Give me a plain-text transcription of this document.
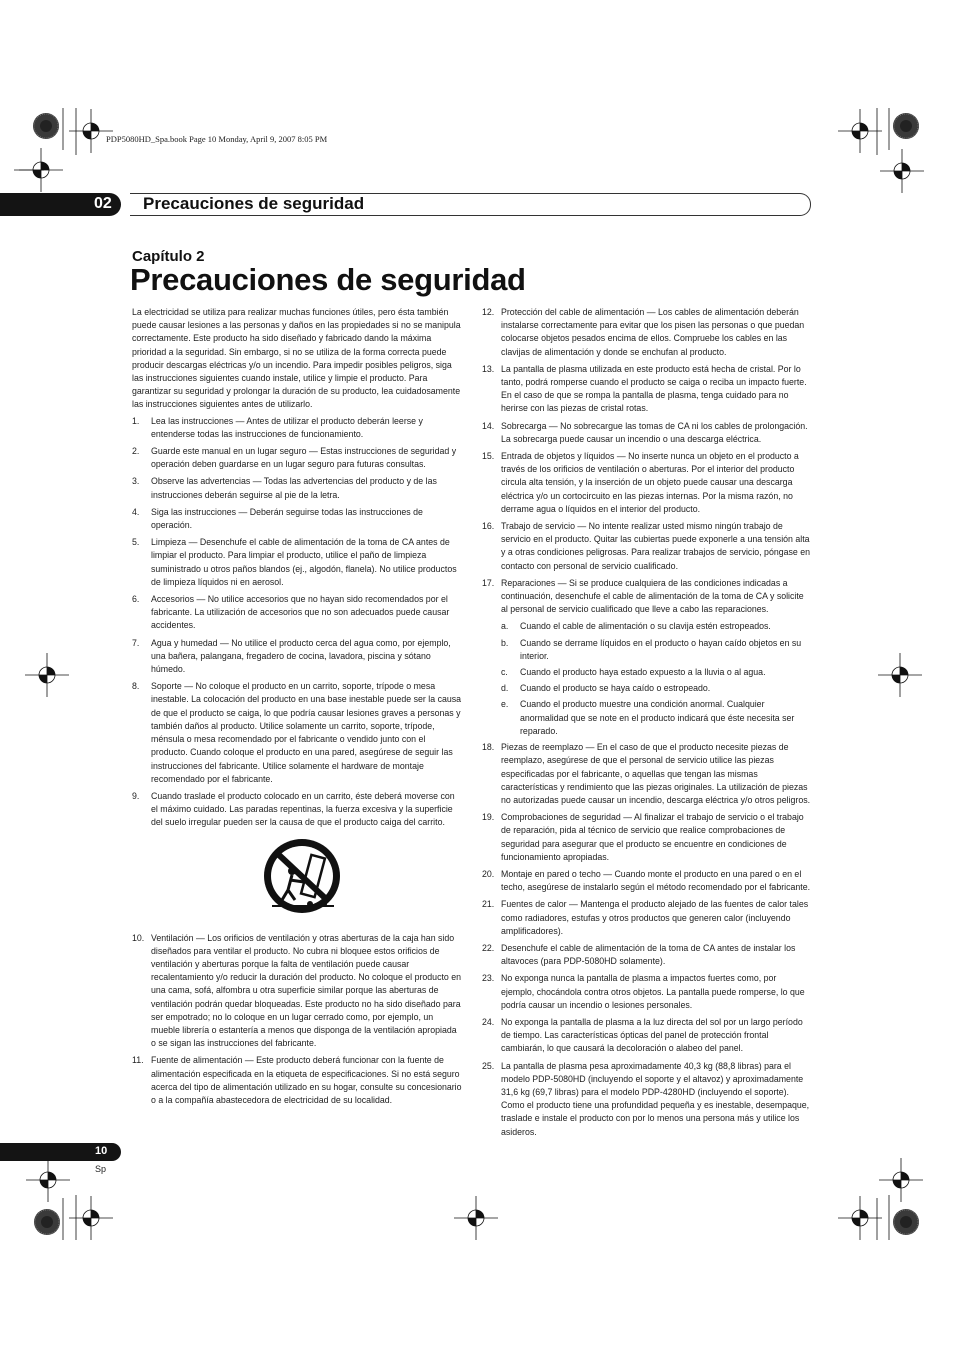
PDP5080HD_Spa.book Page 10 Monday, April 9, 2007 8:05 PM
02 Precauciones de seguridad
Capítulo 2
Precauciones de seguridad

La electricidad se utiliza para realizar muchas funciones útiles, pero ésta también puede causar lesiones a las personas y daños en las propiedades si no se manipula correctamente. Este producto ha sido diseñado y fabricado dando la máxima prioridad a la seguridad. Sin embargo, si no se utiliza de la forma correcta puede producir descargas eléctricas y/o un incendio. Para impedir posibles peligros, siga las instrucciones siguientes cuando instale, utilice y limpie el producto. Para garantizar su seguridad y prolongar la duración de su producto, lea cuidadosamente las instrucciones siguientes antes de utilizarlo.

1. Lea las instrucciones — Antes de utilizar el producto deberán leerse y entenderse todas las instrucciones de funcionamiento.
2. Guarde este manual en un lugar seguro — Estas instrucciones de seguridad y operación deben guardarse en un lugar seguro para futuras consultas.
3. Observe las advertencias — Todas las advertencias del producto y de las instrucciones deberán seguirse al pie de la letra.
4. Siga las instrucciones — Deberán seguirse todas las instrucciones de operación.
5. Limpieza — Desenchufe el cable de alimentación de la toma de CA antes de limpiar el producto. Para limpiar el producto, utilice el paño de limpieza suministrado u otros paños blandos (ej., algodón, flanela). No utilice productos de limpieza líquidos ni en aerosol.
6. Accesorios — No utilice accesorios que no hayan sido recomendados por el fabricante. La utilización de accesorios que no son adecuados puede causar accidentes.
7. Agua y humedad — No utilice el producto cerca del agua como, por ejemplo, una bañera, palangana, fregadero de cocina, lavadora, piscina y sótano húmedo.
8. Soporte — No coloque el producto en un carrito, soporte, trípode o mesa inestable. La colocación del producto en una base inestable puede ser la causa de que el producto se caiga, lo que podría causar lesiones graves a personas y también daños al producto. Utilice solamente un carrito, soporte, trípode, ménsula o mesa recomendado por el fabricante o vendido junto con el producto. Cuando coloque el producto en una pared, asegúrese de seguir las instrucciones del fabricante. Utilice solamente el hardware de montaje recomendado por el fabricante.
9. Cuando traslade el producto colocado en un carrito, éste deberá moverse con el máximo cuidado. Las paradas repentinas, la fuerza excesiva y la superficie del suelo irregular pueden ser la causa de que el producto caiga del carrito.
10. Ventilación — Los orificios de ventilación y otras aberturas de la caja han sido diseñados para ventilar el producto. No cubra ni bloquee estos orificios de ventilación y aberturas porque la falta de ventilación puede causar recalentamiento y/o reducir la duración del producto. No coloque el producto en una cama, sofá, alfombra u otra superficie similar porque las aberturas de ventilación podrán quedar bloqueadas. Este producto no ha sido diseñado para ser empotrado; no lo coloque en un lugar cerrado como, por ejemplo, un mueble librería o estantería a menos que disponga de la ventilación apropiada o se sigan las instrucciones del fabricante.
11. Fuente de alimentación — Este producto deberá funcionar con la fuente de alimentación especificada en la etiqueta de especificaciones. Si no está seguro acerca del tipo de alimentación utilizado en su hogar, consulte su concesionario o a la compañía abastecedora de electricidad de su localidad.
12. Protección del cable de alimentación — Los cables de alimentación deberán instalarse correctamente para evitar que los pisen las personas o que puedan colocarse objetos pesados encima de ellos. Compruebe los cables en las clavijas de alimentación y donde se enchufan al producto.
13. La pantalla de plasma utilizada en este producto está hecha de cristal. Por lo tanto, podrá romperse cuando el producto se caiga o reciba un impacto fuerte. En el caso de que se rompa la pantalla de plasma, tenga cuidado para no herirse con las piezas de cristal rotas.
14. Sobrecarga — No sobrecargue las tomas de CA ni los cables de prolongación. La sobrecarga puede causar un incendio o una descarga eléctrica.
15. Entrada de objetos y líquidos — No inserte nunca un objeto en el producto a través de los orificios de ventilación o aberturas. Por el interior del producto circula alta tensión, y la inserción de un objeto puede causar una descarga eléctrica y/o un cortocircuito en las piezas internas. Por la misma razón, no derrame agua o líquidos en el interior del producto.
16. Trabajo de servicio — No intente realizar usted mismo ningún trabajo de servicio en el producto. Quitar las cubiertas puede exponerle a una tensión alta y a otras condiciones peligrosas. Para realizar trabajos de servicio, póngase en contacto con personal de servicio cualificado.
17. Reparaciones — Si se produce cualquiera de las condiciones indicadas a continuación, desenchufe el cable de alimentación de la toma de CA y solicite al personal de servicio cualificado que lleve a cabo las reparaciones.
a. Cuando el cable de alimentación o su clavija estén estropeados.
b. Cuando se derrame líquidos en el producto o hayan caído objetos en su interior.
c. Cuando el producto haya estado expuesto a la lluvia o al agua.
d. Cuando el producto se haya caído o estropeado.
e. Cuando el producto muestre una condición anormal. Cualquier anormalidad que se note en el producto indicará que éste necesita ser reparado.
18. Piezas de reemplazo — En el caso de que el producto necesite piezas de reemplazo, asegúrese de que el personal de servicio utilice las piezas especificadas por el fabricante, o aquellas que tengan las mismas características y rendimiento que las piezas originales. La utilización de piezas no autorizadas puede causar un incendio, descarga eléctrica y/o otros peligros.
19. Comprobaciones de seguridad — Al finalizar el trabajo de servicio o el trabajo de reparación, pida al técnico de servicio que realice comprobaciones de seguridad para asegurar que el producto se encuentre en condiciones de funcionamiento apropiadas.
20. Montaje en pared o techo — Cuando monte el producto en una pared o en el techo, asegúrese de instalarlo según el método recomendado por el fabricante.
21. Fuentes de calor — Mantenga el producto alejado de las fuentes de calor tales como radiadores, estufas y otros productos que generen calor (incluyendo amplificadores).
22. Desenchufe el cable de alimentación de la toma de CA antes de instalar los altavoces (para PDP-5080HD solamente).
23. No exponga nunca la pantalla de plasma a impactos fuertes como, por ejemplo, chocándola contra otros objetos. La pantalla puede romperse, lo que podría causar un incendio o lesiones personales.
24. No exponga la pantalla de plasma a la luz directa del sol por un largo período de tiempo. Las características ópticas del panel de protección frontal cambiarán, lo que causará la decoloración o alabeo del panel.
25. La pantalla de plasma pesa aproximadamente 40,3 kg (88,8 libras) para el modelo PDP-5080HD (incluyendo el soporte y el altavoz) y aproximadamente 31,6 kg (69,7 libras) para el modelo PDP-4280HD (incluyendo el soporte). Como el producto tiene una profundidad pequeña y es inestable, desempaque, traslade e instale el producto con por lo menos una persona más y utilice los asideros.
10
Sp
